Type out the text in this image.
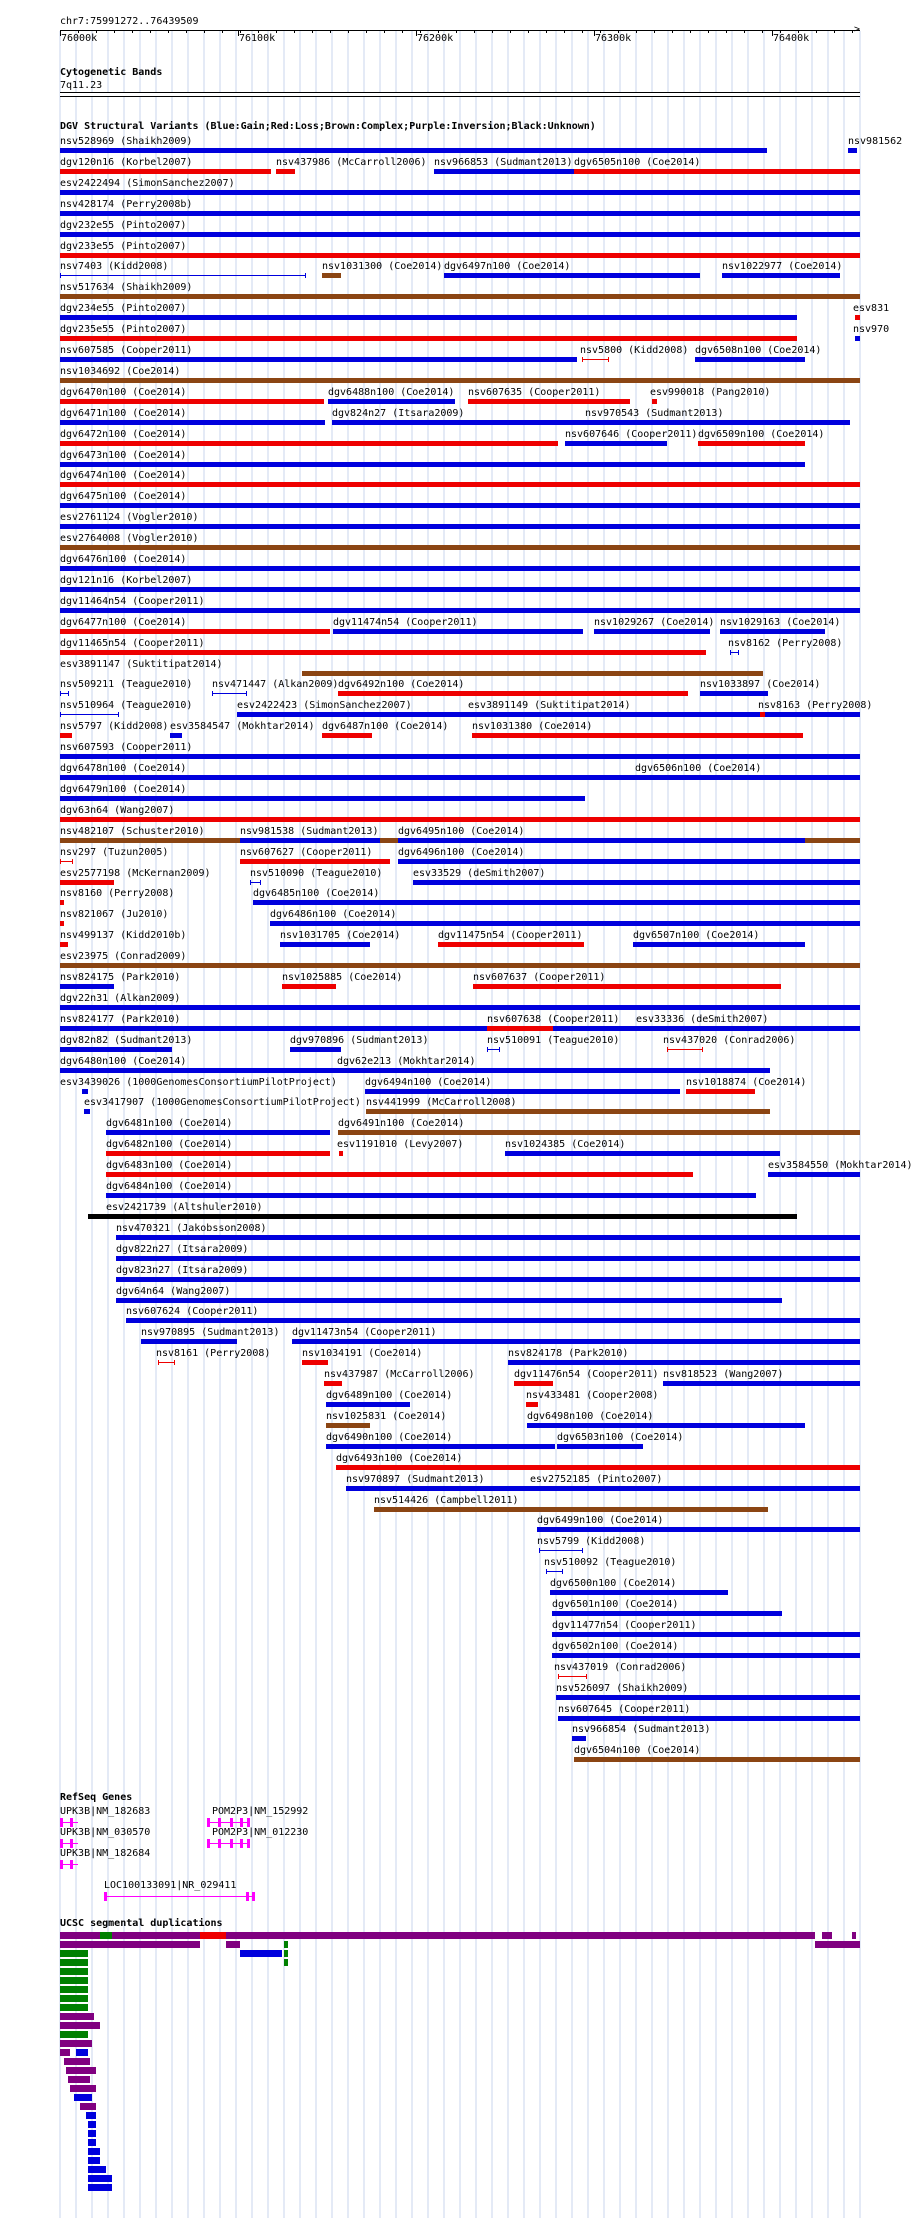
chr7:75991272..76439509
>
76000k	76100k	76200k	76300k	76400k
Cytogenetic Bands
7q11.23
DGV Structural Variants (Blue:Gain;Red:Loss;Brown:Complex;Purple:Inversion;Black:Unknown)
nsv528969 (Shaikh2009)	nsv981562
dgv120n16 (Korbel2007)	nsv437986 (McCarroll2006) nsv966853 (Sudmant2013) dgv6505n100 (Coe2014)
esv2422494 (SimonSanchez2007)
nsv428174 (Perry2008b)
dgv232e55 (Pinto2007)
dgv233e55 (Pinto2007)
nsv7403 (Kidd2008)	nsv1031300 (Coe2014) dgv6497n100 (Coe2014)	nsv1022977 (Coe2014)
nsv517634 (Shaikh2009)
dgv234e55 (Pinto2007)	esv831
dgv235e55 (Pinto2007)	nsv970
nsv607585 (Cooper2011)	nsv5800 (Kidd2008) dgv6508n100 (Coe2014)
nsv1034692 (Coe2014)
dgv6470n100 (Coe2014)	dgv6488n100 (Coe2014) nsv607635 (Cooper2011)	esv990018 (Pang2010)
dgv6471n100 (Coe2014)	dgv824n27 (Itsara2009)	nsv970543 (Sudmant2013)
dgv6472n100 (Coe2014)	nsv607646 (Cooper2011) dgv6509n100 (Coe2014)
dgv6473n100 (Coe2014)
dgv6474n100 (Coe2014)
dgv6475n100 (Coe2014)
esv2761124 (Vogler2010)
esv2764008 (Vogler2010)
dgv6476n100 (Coe2014)
dgv121n16 (Korbel2007)
dgv11464n54 (Cooper2011)
dgv6477n100 (Coe2014)	dgv11474n54 (Cooper2011)	nsv1029267 (Coe2014) nsv1029163 (Coe2014)
dgv11465n54 (Cooper2011)	nsv8162 (Perry2008)
esv3891147 (Suktitipat2014)
nsv509211 (Teague2010) nsv471447 (Alkan2009) dgv6492n100 (Coe2014)	nsv1033897 (Coe2014)
nsv510964 (Teague2010)	esv2422423 (SimonSanchez2007)	esv3891149 (Suktitipat2014)	nsv8163 (Perry2008)
nsv5797 (Kidd2008) esv3584547 (Mokhtar2014) dgv6487n100 (Coe2014) nsv1031380 (Coe2014)
nsv607593 (Cooper2011)
dgv6478n100 (Coe2014)	dgv6506n100 (Coe2014)
dgv6479n100 (Coe2014)
dgv63n64 (Wang2007)
nsv482107 (Schuster2010)	nsv981538 (Sudmant2013) dgv6495n100 (Coe2014)
nsv297 (Tuzun2005)	nsv607627 (Cooper2011)	dgv6496n100 (Coe2014)
esv2577198 (McKernan2009)	nsv510090 (Teague2010)	esv33529 (deSmith2007)
nsv8160 (Perry2008)	dgv6485n100 (Coe2014)
nsv821067 (Ju2010)	dgv6486n100 (Coe2014)
nsv499137 (Kidd2010b)	nsv1031705 (Coe2014)	dgv11475n54 (Cooper2011)	dgv6507n100 (Coe2014)
esv23975 (Conrad2009)
nsv824175 (Park2010)	nsv1025885 (Coe2014)	nsv607637 (Cooper2011)
dgv22n31 (Alkan2009)
nsv824177 (Park2010)	nsv607638 (Cooper2011) esv33336 (deSmith2007)
dgv82n82 (Sudmant2013)	dgv970896 (Sudmant2013)	nsv510091 (Teague2010)	nsv437020 (Conrad2006)
dgv6480n100 (Coe2014)	dgv62e213 (Mokhtar2014)
esv3439026 (1000GenomesConsortiumPilotProject)	dgv6494n100 (Coe2014)	nsv1018874 (Coe2014)
esv3417907 (1000GenomesConsortiumPilotProject) nsv441999 (McCarroll2008)
dgv6481n100 (Coe2014)	dgv6491n100 (Coe2014)
dgv6482n100 (Coe2014)	esv1191010 (Levy2007)	nsv1024385 (Coe2014)
dgv6483n100 (Coe2014)	esv3584550 (Mokhtar2014)
dgv6484n100 (Coe2014)
esv2421739 (Altshuler2010)
nsv470321 (Jakobsson2008)
dgv822n27 (Itsara2009)
dgv823n27 (Itsara2009)
dgv64n64 (Wang2007)
nsv607624 (Cooper2011)
nsv970895 (Sudmant2013) dgv11473n54 (Cooper2011)
nsv8161 (Perry2008)	nsv1034191 (Coe2014)	nsv824178 (Park2010)
nsv437987 (McCarroll2006)	dgv11476n54 (Cooper2011) nsv818523 (Wang2007)
dgv6489n100 (Coe2014)	nsv433481 (Cooper2008)
nsv1025831 (Coe2014)	dgv6498n100 (Coe2014)
dgv6490n100 (Coe2014)	dgv6503n100 (Coe2014)
dgv6493n100 (Coe2014)
nsv970897 (Sudmant2013)	esv2752185 (Pinto2007)
nsv514426 (Campbell2011)
dgv6499n100 (Coe2014)
nsv5799 (Kidd2008)
nsv510092 (Teague2010)
dgv6500n100 (Coe2014)
dgv6501n100 (Coe2014)
dgv11477n54 (Cooper2011)
dgv6502n100 (Coe2014)
nsv437019 (Conrad2006)
nsv526097 (Shaikh2009)
nsv607645 (Cooper2011)
nsv966854 (Sudmant2013)
dgv6504n100 (Coe2014)
RefSeq Genes
UPK3B|NM_182683
UPK3B|NM_030570
UPK3B|NM_182684
POM2P3|NM_152992
POM2P3|NM_012230
LOC100133091|NR_029411
UCSC segmental duplications
